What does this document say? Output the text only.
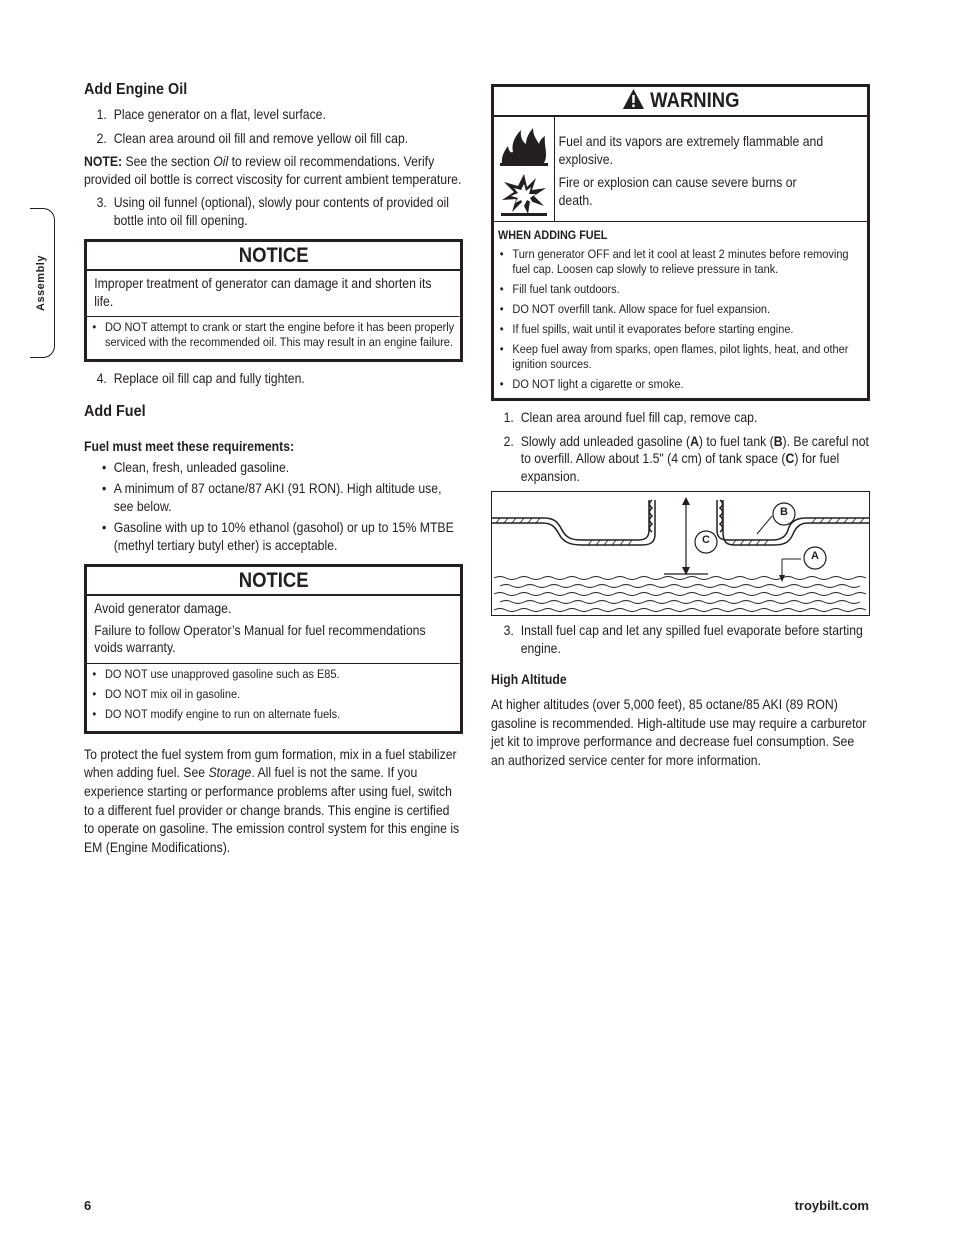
Assembly
Add Engine Oil
1. Place generator on a flat, level surface.
2. Clean area around oil fill and remove yellow oil fill cap.
NOTE: See the section Oil to review oil recommendations. Verify provided oil bottle is correct viscosity for current ambient temperature.
3. Using oil funnel (optional), slowly pour contents of provided oil bottle into oil fill opening.
NOTICE

Improper treatment of generator can damage it and shorten its life.

• DO NOT attempt to crank or start the engine before it has been properly serviced with the recommended oil. This may result in an engine failure.
4. Replace oil fill cap and fully tighten.
Add Fuel
Fuel must meet these requirements:
• Clean, fresh, unleaded gasoline.
• A minimum of 87 octane/87 AKI (91 RON). High altitude use, see below.
• Gasoline with up to 10% ethanol (gasohol) or up to 15% MTBE (methyl tertiary butyl ether) is acceptable.
NOTICE

Avoid generator damage.

Failure to follow Operator’s Manual for fuel recommendations voids warranty.

• DO NOT use unapproved gasoline such as E85.
• DO NOT mix oil in gasoline.
• DO NOT modify engine to run on alternate fuels.
To protect the fuel system from gum formation, mix in a fuel stabilizer when adding fuel. See Storage. All fuel is not the same. If you experience starting or performance problems after using fuel, switch to a different fuel provider or change brands. This engine is certified to operate on gasoline. The emission control system for this engine is EM (Engine Modifications).
WARNING

Fuel and its vapors are extremely flammable and explosive.

Fire or explosion can cause severe burns or death.

WHEN ADDING FUEL
• Turn generator OFF and let it cool at least 2 minutes before removing fuel cap. Loosen cap slowly to relieve pressure in tank.
• Fill fuel tank outdoors.
• DO NOT overfill tank. Allow space for fuel expansion.
• If fuel spills, wait until it evaporates before starting engine.
• Keep fuel away from sparks, open flames, pilot lights, heat, and other ignition sources.
• DO NOT light a cigarette or smoke.
1. Clean area around fuel fill cap, remove cap.
2. Slowly add unleaded gasoline (A) to fuel tank (B). Be careful not to overfill. Allow about 1.5" (4 cm) of tank space (C) for fuel expansion.
C
B
A
3. Install fuel cap and let any spilled fuel evaporate before starting engine.
High Altitude
At higher altitudes (over 5,000 feet), 85 octane/85 AKI (89 RON) gasoline is recommended. High-altitude use may require a carburetor jet kit to improve performance and decrease fuel consumption. See an authorized service center for more information.
6	troybilt.com
